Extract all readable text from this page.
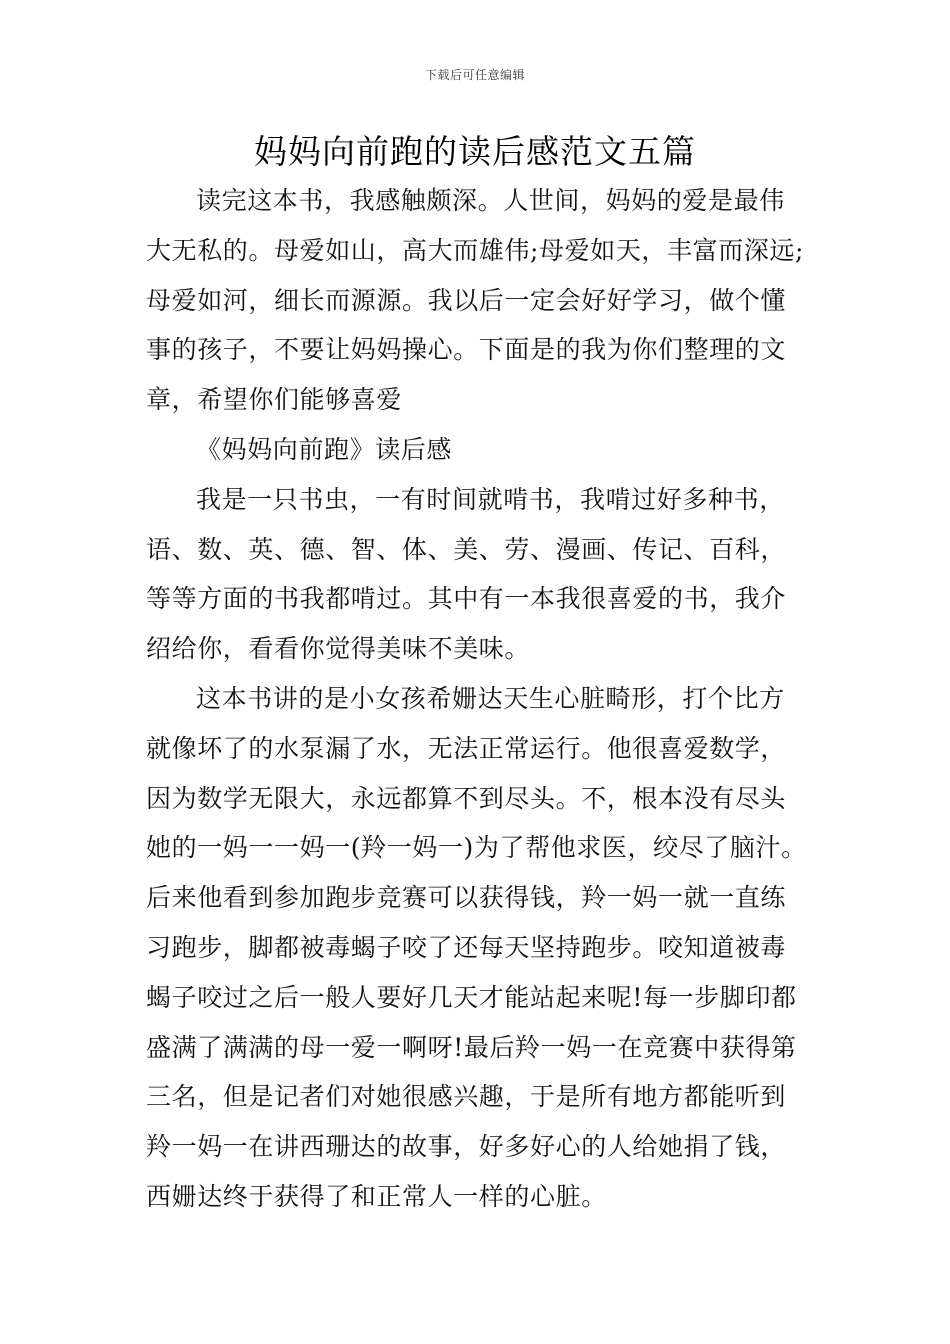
下载后可任意编辑
妈妈向前跑的读后感范文五篇
读完这本书，我感触颇深。人世间，妈妈的爱是最伟
大无私的。母爱如山，高大而雄伟;母爱如天，丰富而深远;
母爱如河，细长而源源。我以后一定会好好学习，做个懂
事的孩子，不要让妈妈操心。下面是的我为你们整理的文
章，希望你们能够喜爱
《妈妈向前跑》读后感
我是一只书虫，一有时间就啃书，我啃过好多种书，
语、数、英、德、智、体、美、劳、漫画、传记、百科，
等等方面的书我都啃过。其中有一本我很喜爱的书，我介
绍给你，看看你觉得美味不美味。
这本书讲的是小女孩希姗达天生心脏畸形，打个比方
就像坏了的水泵漏了水，无法正常运行。他很喜爱数学，
因为数学无限大，永远都算不到尽头。不，根本没有尽头
她的一妈一一妈一(羚一妈一)为了帮他求医，绞尽了脑汁。
后来他看到参加跑步竞赛可以获得钱，羚一妈一就一直练
习跑步，脚都被毒蝎子咬了还每天坚持跑步。咬知道被毒
蝎子咬过之后一般人要好几天才能站起来呢!每一步脚印都
盛满了满满的母一爱一啊呀!最后羚一妈一在竞赛中获得第
三名，但是记者们对她很感兴趣，于是所有地方都能听到
羚一妈一在讲西珊达的故事，好多好心的人给她捐了钱，
西姗达终于获得了和正常人一样的心脏。
